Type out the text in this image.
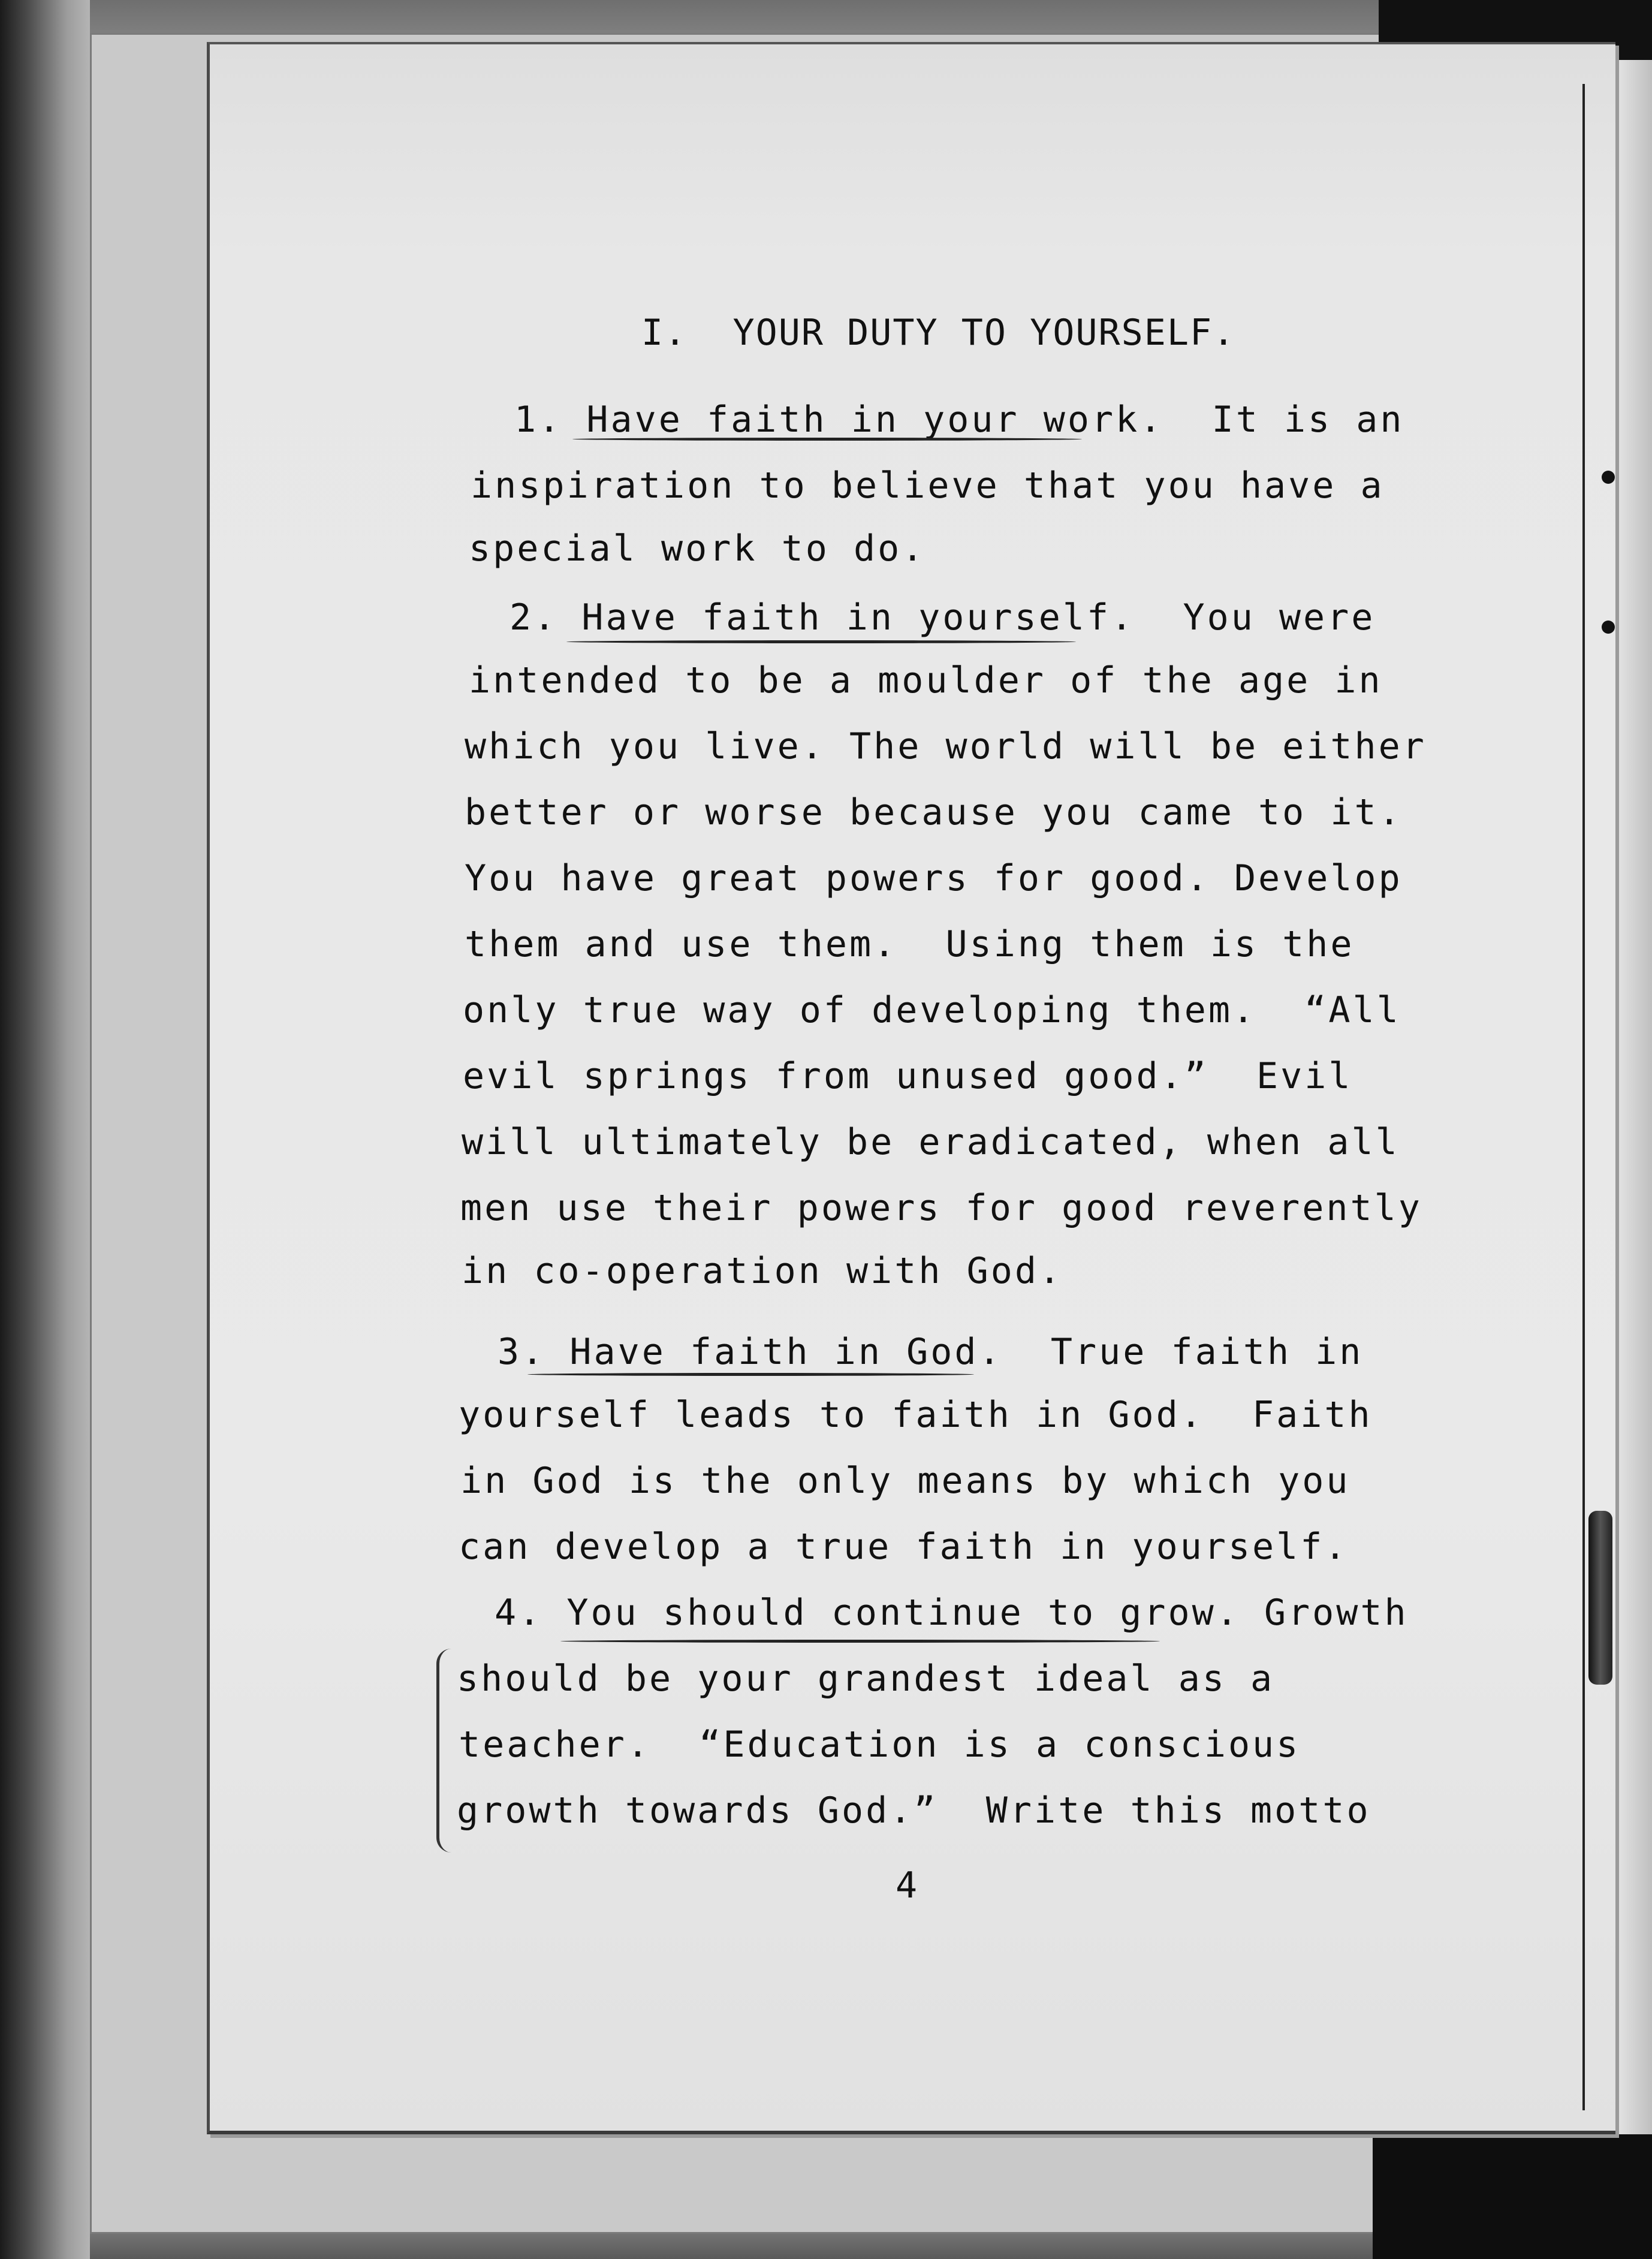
I.  YOUR DUTY TO YOURSELF.

1. Have faith in your work.  It is an

inspiration to believe that you have a

special work to do.

2. Have faith in yourself.  You were

intended to be a moulder of the age in

which you live. The world will be either

better or worse because you came to it.

You have great powers for good. Develop

them and use them.  Using them is the

only true way of developing them.  “All

evil springs from unused good.”  Evil

will ultimately be eradicated, when all

men use their powers for good reverently

in co-operation with God.

3. Have faith in God.  True faith in

yourself leads to faith in God.  Faith

in God is the only means by which you

can develop a true faith in yourself.

4. You should continue to grow. Growth

should be your grandest ideal as a

teacher.  “Education is a conscious

growth towards God.”  Write this motto

4
